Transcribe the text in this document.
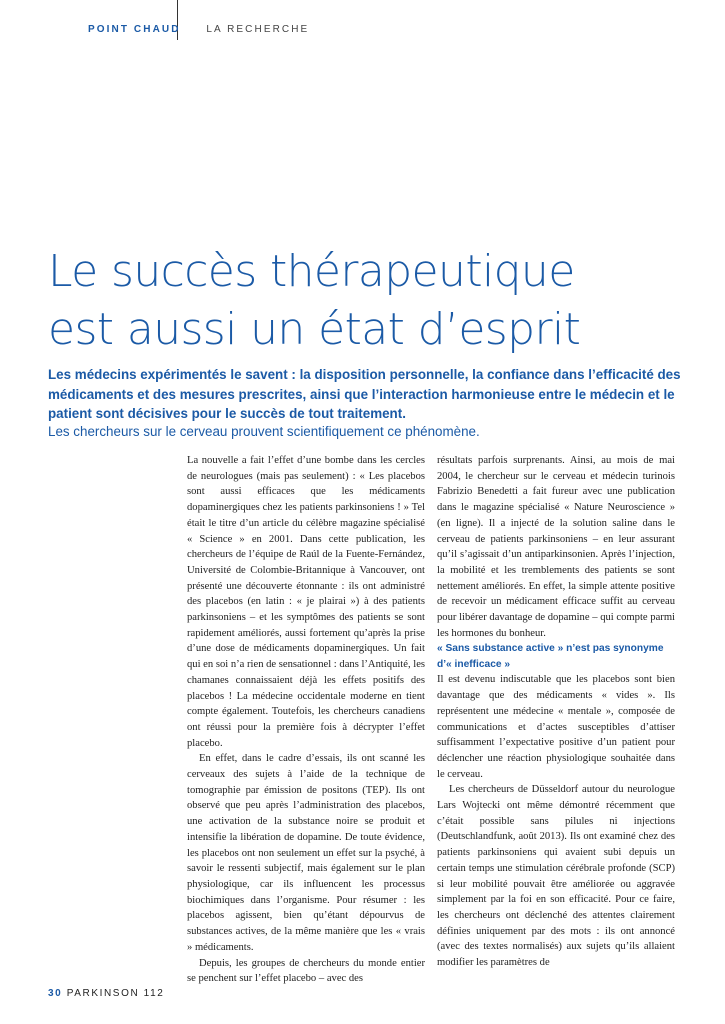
POINT CHAUD	LA RECHERCHE
Le succès thérapeutique
est aussi un état d’esprit

Les médecins expérimentés le savent : la disposition personnelle, la confiance dans l’efficacité des médicaments et des mesures prescrites, ainsi que l’interaction harmonieuse entre le médecin et le patient sont décisives pour le succès de tout traitement.

Les chercheurs sur le cerveau prouvent scientifiquement ce phénomène.

La nouvelle a fait l’effet d’une bombe dans les cercles de neurologues (mais pas seulement) : « Les placebos sont aussi efficaces que les médicaments dopaminergiques chez les patients parkinsoniens ! » Tel était le titre d’un article du célèbre magazine spécialisé « Science » en 2001. Dans cette publication, les chercheurs de l’équipe de Raúl de la Fuente-Fernández, Université de Colombie-Britannique à Vancouver, ont présenté une découverte étonnante : ils ont administré des placebos (en latin : « je plairai ») à des patients parkinsoniens – et les symptômes des patients se sont rapidement améliorés, aussi fortement qu’après la prise d’une dose de médicaments dopaminergiques. Un fait qui en soi n’a rien de sensationnel : dans l’Antiquité, les chamanes connaissaient déjà les effets positifs des placebos ! La médecine occidentale moderne en tient compte également. Toutefois, les chercheurs canadiens ont réussi pour la première fois à décrypter l’effet placebo.

En effet, dans le cadre d’essais, ils ont scanné les cerveaux des sujets à l’aide de la technique de tomographie par émission de positons (TEP). Ils ont observé que peu après l’administration des placebos, une activation de la substance noire se produit et intensifie la libération de dopamine. De toute évidence, les placebos ont non seulement un effet sur la psyché, à savoir le ressenti subjectif, mais également sur le plan physiologique, car ils influencent les processus biochimiques dans l’organisme. Pour résumer : les placebos agissent, bien qu’étant dépourvus de substances actives, de la même manière que les « vrais » médicaments.

Depuis, les groupes de chercheurs du monde entier se penchent sur l’effet placebo – avec des

résultats parfois surprenants. Ainsi, au mois de mai 2004, le chercheur sur le cerveau et médecin turinois Fabrizio Benedetti a fait fureur avec une publication dans le magazine spécialisé « Nature Neuroscience » (en ligne). Il a injecté de la solution saline dans le cerveau de patients parkinsoniens – en leur assurant qu’il s’agissait d’un antiparkinsonien. Après l’injection, la mobilité et les tremblements des patients se sont nettement améliorés. En effet, la simple attente positive de recevoir un médicament efficace suffit au cerveau pour libérer davantage de dopamine – qui compte parmi les hormones du bonheur.

« Sans substance active » n’est pas synonyme d’« inefficace »

Il est devenu indiscutable que les placebos sont bien davantage que des médicaments « vides ». Ils représentent une médecine « mentale », composée de communications et d’actes susceptibles d’attiser suffisamment l’expectative positive d’un patient pour déclencher une réaction physiologique souhaitée dans le cerveau.

Les chercheurs de Düsseldorf autour du neurologue Lars Wojtecki ont même démontré récemment que c’était possible sans pilules ni injections (Deutschlandfunk, août 2013). Ils ont examiné chez des patients parkinsoniens qui avaient subi depuis un certain temps une stimulation cérébrale profonde (SCP) si leur mobilité pouvait être améliorée ou aggravée simplement par la foi en son efficacité. Pour ce faire, les chercheurs ont déclenché des attentes clairement définies uniquement par des mots : ils ont annoncé (avec des textes normalisés) aux sujets qu’ils allaient modifier les paramètres de

30 PARKINSON 112
